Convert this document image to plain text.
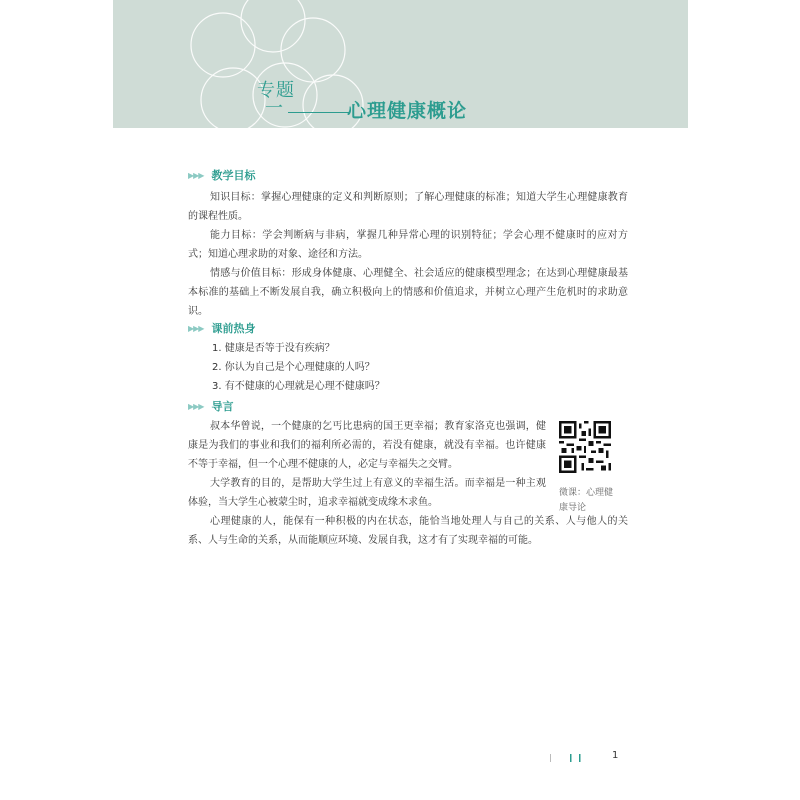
专题
一	心理健康概论
▶▶▶ 教学目标

知识目标：掌握心理健康的定义和判断原则；了解心理健康的标准；知道大学生心理健康教育的课程性质。

能力目标：学会判断病与非病，掌握几种异常心理的识别特征；学会心理不健康时的应对方式；知道心理求助的对象、途径和方法。

情感与价值目标：形成身体健康、心理健全、社会适应的健康模型理念；在达到心理健康最基本标准的基础上不断发展自我，确立积极向上的情感和价值追求，并树立心理产生危机时的求助意识。

▶▶▶ 课前热身

1. 健康是否等于没有疾病？

2. 你认为自己是个心理健康的人吗？

3. 有不健康的心理就是心理不健康吗？

▶▶▶ 导言

叔本华曾说，一个健康的乞丐比患病的国王更幸福；教育家洛克也强调，健康是为我们的事业和我们的福利所必需的，若没有健康，就没有幸福。也许健康不等于幸福，但一个心理不健康的人，必定与幸福失之交臂。

大学教育的目的，是帮助大学生过上有意义的幸福生活。而幸福是一种主观体验，当大学生心被蒙尘时，追求幸福就变成缘木求鱼。

心理健康的人，能保有一种积极的内在状态，能恰当地处理人与自己的关系、人与他人的关系、人与生命的关系，从而能顺应环境、发展自我，这才有了实现幸福的可能。

微课：心理健康导论
1
